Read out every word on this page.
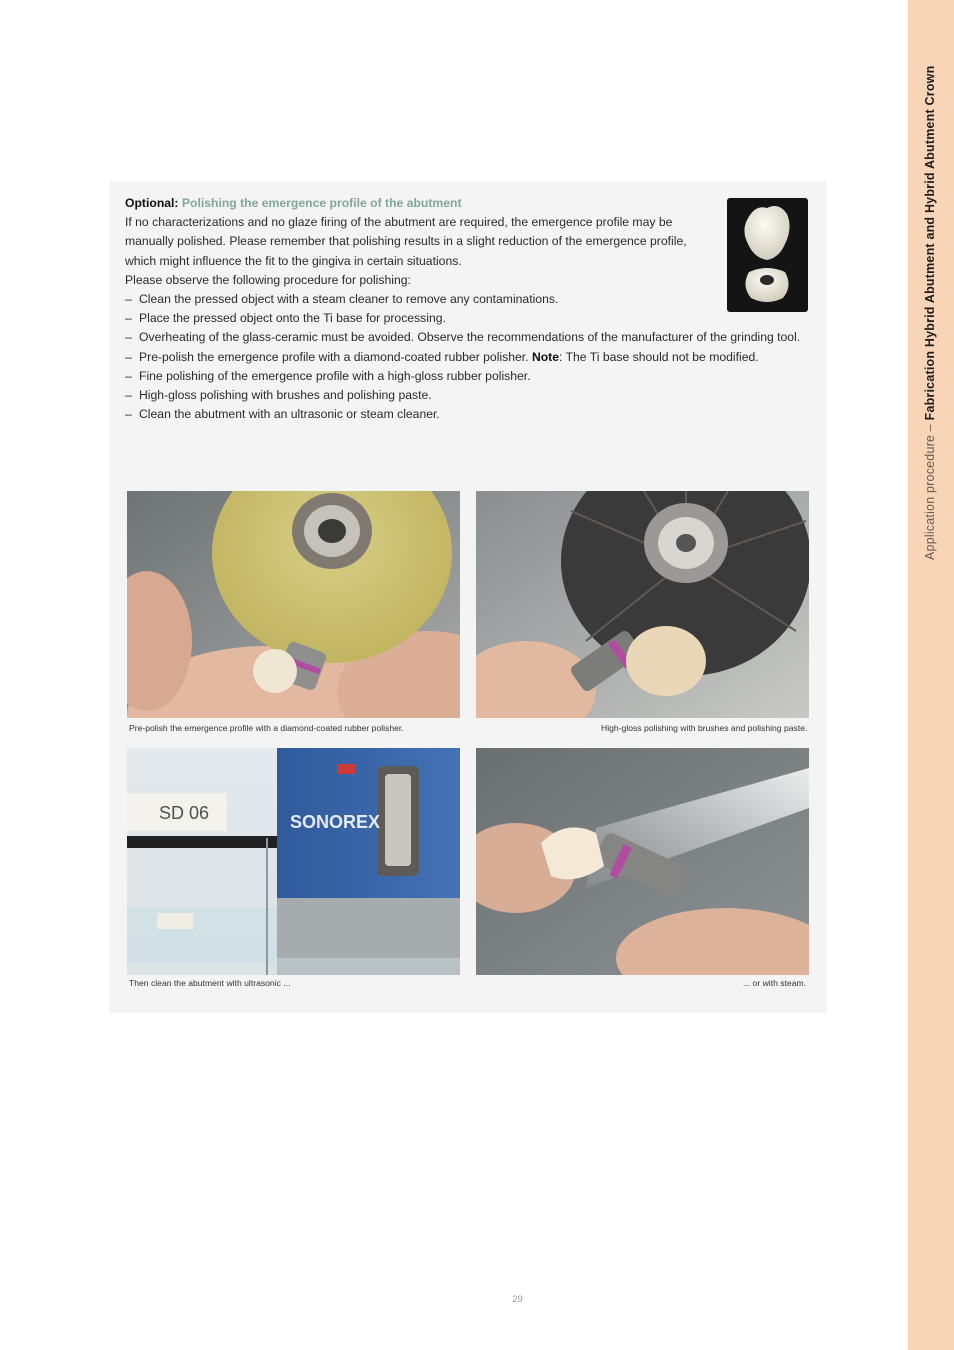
Application procedure – Fabrication Hybrid Abutment and Hybrid Abutment Crown

Optional: Polishing the emergence profile of the abutment

If no characterizations and no glaze firing of the abutment are required, the emergence profile may be manually polished. Please remember that polishing results in a slight reduction of the emergence profile, which might influence the fit to the gingiva in certain situations.

Please observe the following procedure for polishing:

– Clean the pressed object with a steam cleaner to remove any contaminations.
– Place the pressed object onto the Ti base for processing.
– Overheating of the glass-ceramic must be avoided. Observe the recommendations of the manufacturer of the grinding tool.
– Pre-polish the emergence profile with a diamond-coated rubber polisher. Note: The Ti base should not be modified.
– Fine polishing of the emergence profile with a high-gloss rubber polisher.
– High-gloss polishing with brushes and polishing paste.
– Clean the abutment with an ultrasonic or steam cleaner.
Pre-polish the emergence profile with a diamond-coated rubber polisher.	High-gloss polishing with brushes and polishing paste.
SONOREX
SD 06
Then clean the abutment with ultrasonic ...	... or with steam.
29
